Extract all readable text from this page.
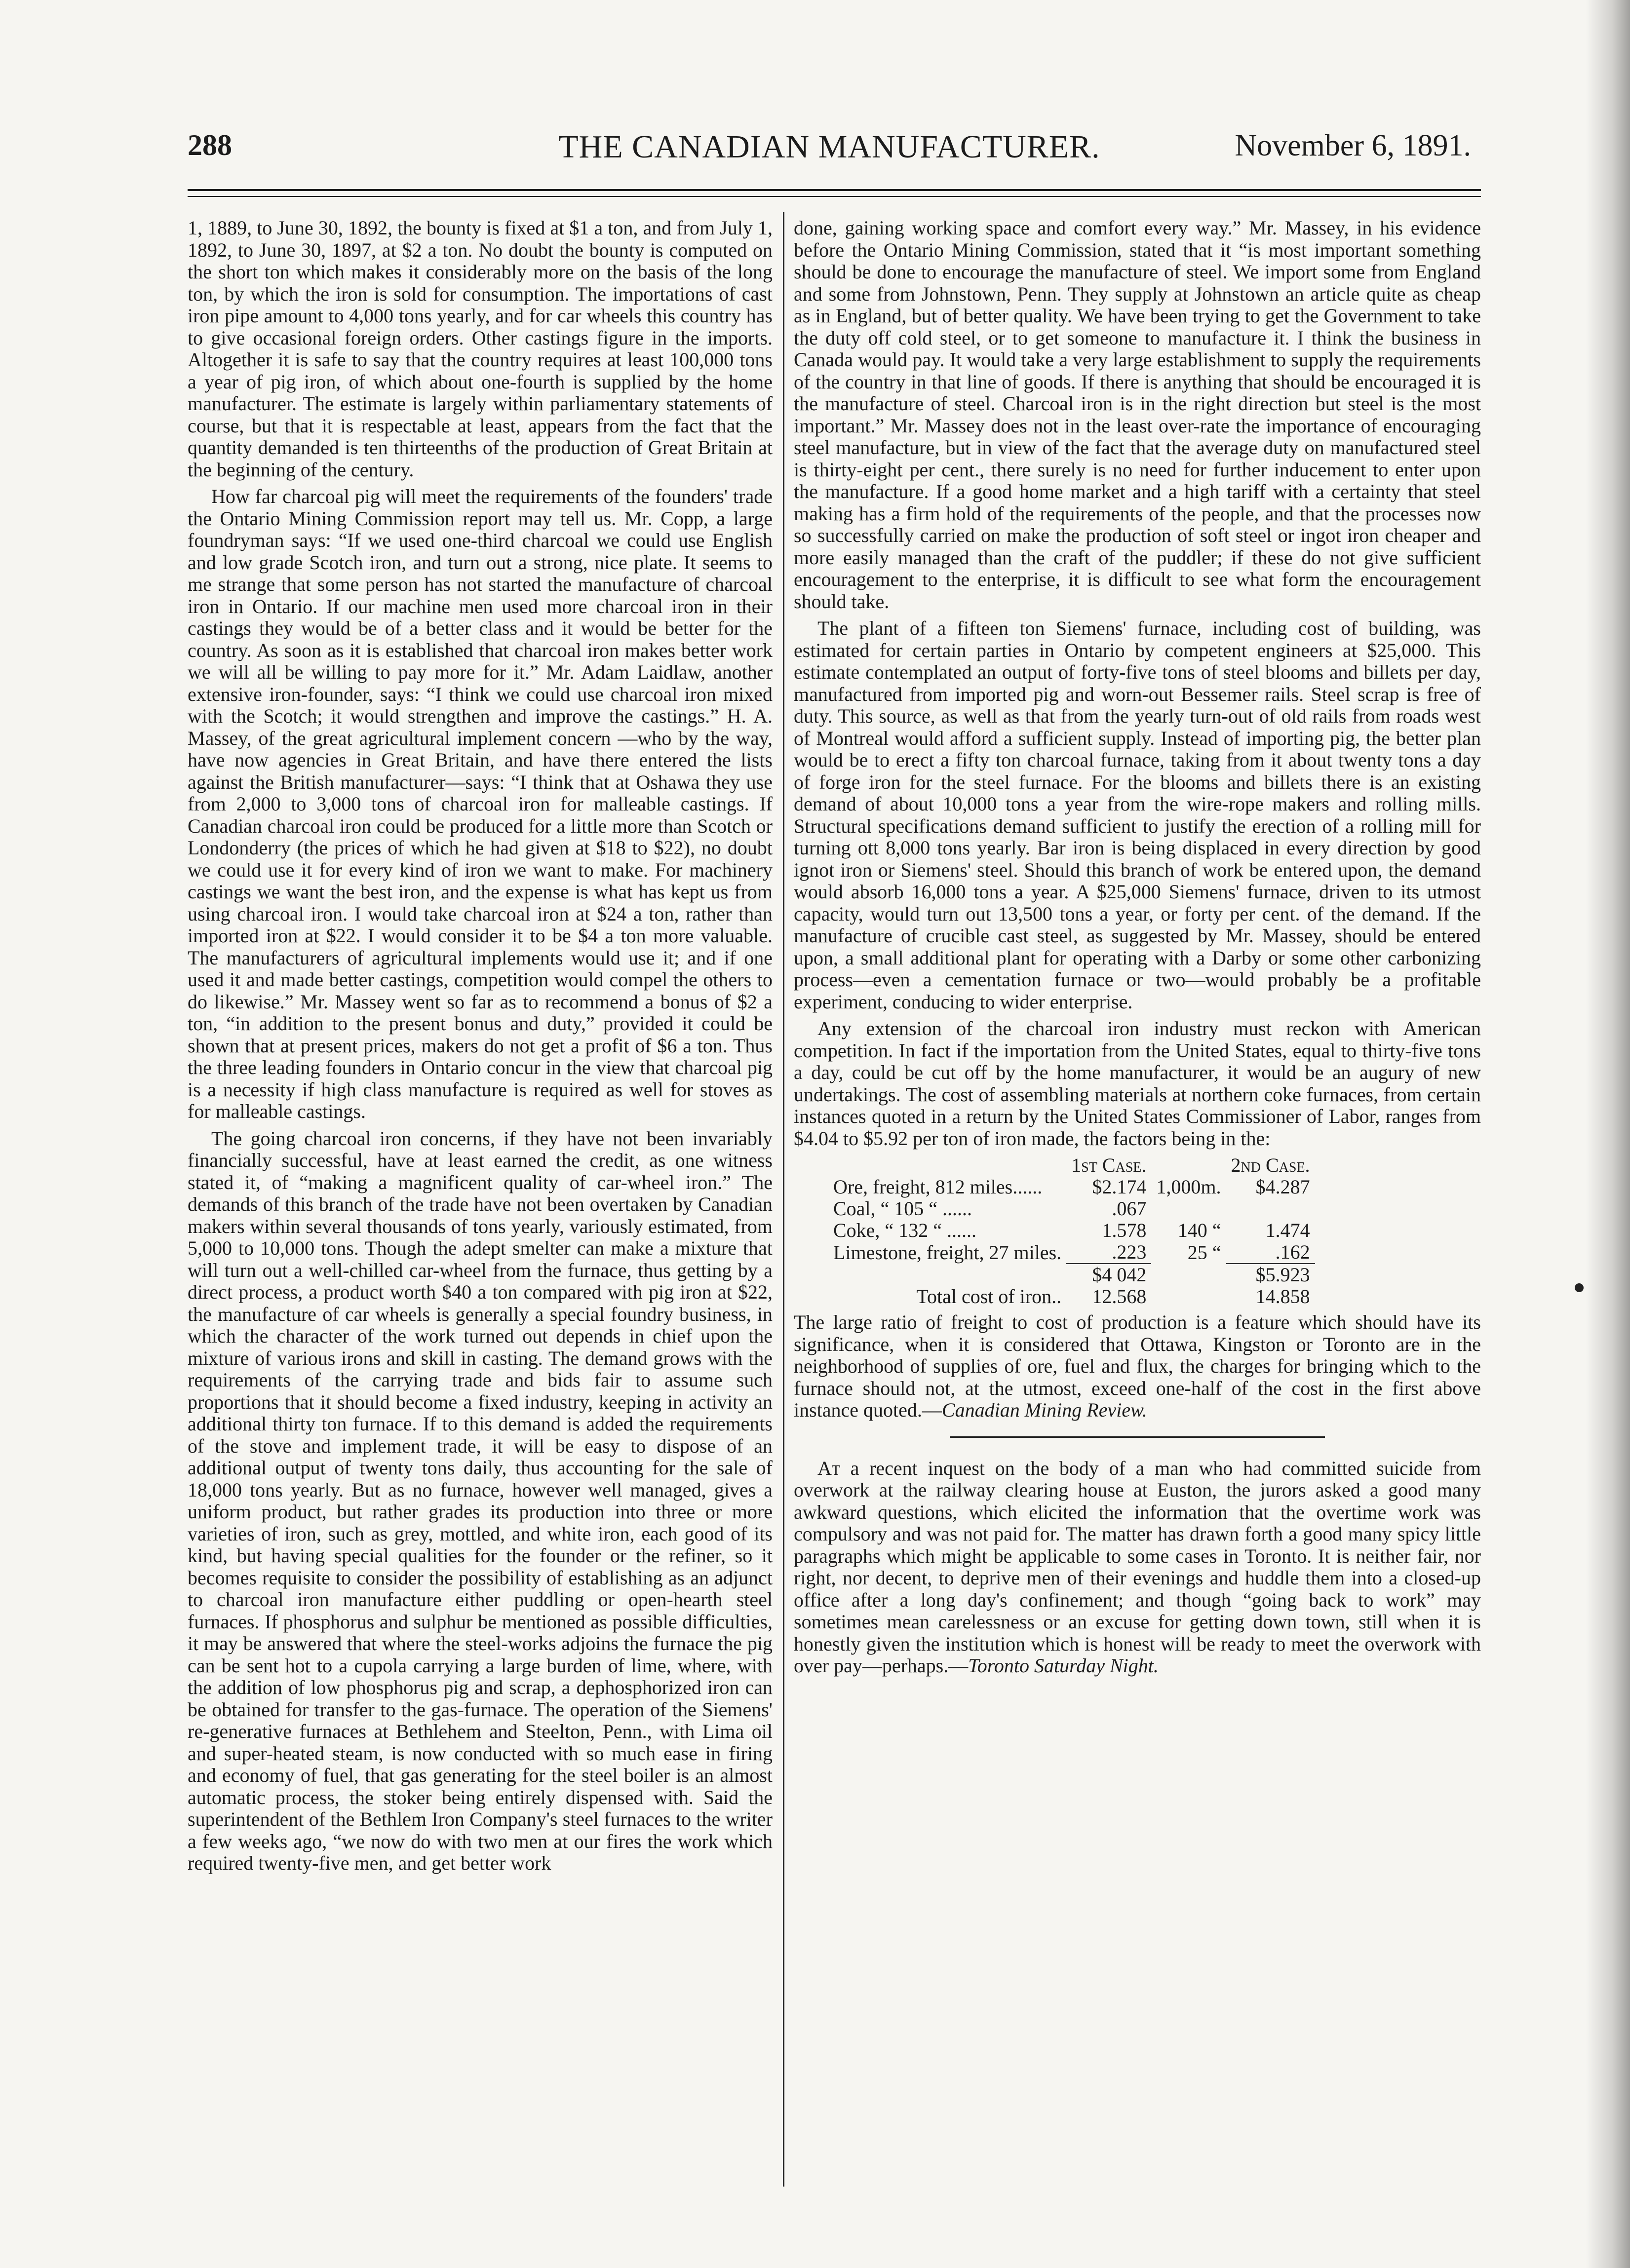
288	THE CANADIAN MANUFACTURER.	November 6, 1891.

1, 1889, to June 30, 1892, the bounty is fixed at $1 a ton, and from July 1, 1892, to June 30, 1897, at $2 a ton. No doubt the bounty is computed on the short ton which makes it considerably more on the basis of the long ton, by which the iron is sold for consumption. The importations of cast iron pipe amount to 4,000 tons yearly, and for car wheels this country has to give occasional foreign orders. Other castings figure in the imports. Altogether it is safe to say that the country requires at least 100,000 tons a year of pig iron, of which about one-fourth is supplied by the home manufacturer. The estimate is largely within parliamentary statements of course, but that it is respectable at least, appears from the fact that the quantity demanded is ten thirteenths of the production of Great Britain at the beginning of the century.

How far charcoal pig will meet the requirements of the founders' trade the Ontario Mining Commission report may tell us. Mr. Copp, a large foundryman says: “If we used one-third charcoal we could use English and low grade Scotch iron, and turn out a strong, nice plate. It seems to me strange that some person has not started the manufacture of charcoal iron in Ontario. If our machine men used more charcoal iron in their castings they would be of a better class and it would be better for the country. As soon as it is established that charcoal iron makes better work we will all be willing to pay more for it.” Mr. Adam Laidlaw, another extensive iron-founder, says: “I think we could use charcoal iron mixed with the Scotch; it would strengthen and improve the castings.” H. A. Massey, of the great agricultural implement concern —who by the way, have now agencies in Great Britain, and have there entered the lists against the British manufacturer—says: “I think that at Oshawa they use from 2,000 to 3,000 tons of charcoal iron for malleable castings. If Canadian charcoal iron could be produced for a little more than Scotch or Londonderry (the prices of which he had given at $18 to $22), no doubt we could use it for every kind of iron we want to make. For machinery castings we want the best iron, and the expense is what has kept us from using charcoal iron. I would take charcoal iron at $24 a ton, rather than imported iron at $22. I would consider it to be $4 a ton more valuable. The manufacturers of agricultural implements would use it; and if one used it and made better castings, competition would compel the others to do likewise.” Mr. Massey went so far as to recommend a bonus of $2 a ton, “in addition to the present bonus and duty,” provided it could be shown that at present prices, makers do not get a profit of $6 a ton. Thus the three leading founders in Ontario concur in the view that charcoal pig is a necessity if high class manufacture is required as well for stoves as for malleable castings.

The going charcoal iron concerns, if they have not been invariably financially successful, have at least earned the credit, as one witness stated it, of “making a magnificent quality of car-wheel iron.” The demands of this branch of the trade have not been overtaken by Canadian makers within several thousands of tons yearly, variously estimated, from 5,000 to 10,000 tons. Though the adept smelter can make a mixture that will turn out a well-chilled car-wheel from the furnace, thus getting by a direct process, a product worth $40 a ton compared with pig iron at $22, the manufacture of car wheels is generally a special foundry business, in which the character of the work turned out depends in chief upon the mixture of various irons and skill in casting. The demand grows with the requirements of the carrying trade and bids fair to assume such proportions that it should become a fixed industry, keeping in activity an additional thirty ton furnace. If to this demand is added the requirements of the stove and implement trade, it will be easy to dispose of an additional output of twenty tons daily, thus accounting for the sale of 18,000 tons yearly. But as no furnace, however well managed, gives a uniform product, but rather grades its production into three or more varieties of iron, such as grey, mottled, and white iron, each good of its kind, but having special qualities for the founder or the refiner, so it becomes requisite to consider the possibility of establishing as an adjunct to charcoal iron manufacture either puddling or open-hearth steel furnaces. If phosphorus and sulphur be mentioned as possible difficulties, it may be answered that where the steel-works adjoins the furnace the pig can be sent hot to a cupola carrying a large burden of lime, where, with the addition of low phosphorus pig and scrap, a dephosphorized iron can be obtained for transfer to the gas-furnace. The operation of the Siemens' re-generative furnaces at Bethlehem and Steelton, Penn., with Lima oil and super-heated steam, is now conducted with so much ease in firing and economy of fuel, that gas generating for the steel boiler is an almost automatic process, the stoker being entirely dispensed with. Said the superintendent of the Bethlem Iron Company's steel furnaces to the writer a few weeks ago, “we now do with two men at our fires the work which required twenty-five men, and get better work

done, gaining working space and comfort every way.” Mr. Massey, in his evidence before the Ontario Mining Commission, stated that it “is most important something should be done to encourage the manufacture of steel. We import some from England and some from Johnstown, Penn. They supply at Johnstown an article quite as cheap as in England, but of better quality. We have been trying to get the Government to take the duty off cold steel, or to get someone to manufacture it. I think the business in Canada would pay. It would take a very large establishment to supply the requirements of the country in that line of goods. If there is anything that should be encouraged it is the manufacture of steel. Charcoal iron is in the right direction but steel is the most important.” Mr. Massey does not in the least over-rate the importance of encouraging steel manufacture, but in view of the fact that the average duty on manufactured steel is thirty-eight per cent., there surely is no need for further inducement to enter upon the manufacture. If a good home market and a high tariff with a certainty that steel making has a firm hold of the requirements of the people, and that the processes now so successfully carried on make the production of soft steel or ingot iron cheaper and more easily managed than the craft of the puddler; if these do not give sufficient encouragement to the enterprise, it is difficult to see what form the encouragement should take.

The plant of a fifteen ton Siemens' furnace, including cost of building, was estimated for certain parties in Ontario by competent engineers at $25,000. This estimate contemplated an output of forty-five tons of steel blooms and billets per day, manufactured from imported pig and worn-out Bessemer rails. Steel scrap is free of duty. This source, as well as that from the yearly turn-out of old rails from roads west of Montreal would afford a sufficient supply. Instead of importing pig, the better plan would be to erect a fifty ton charcoal furnace, taking from it about twenty tons a day of forge iron for the steel furnace. For the blooms and billets there is an existing demand of about 10,000 tons a year from the wire-rope makers and rolling mills. Structural specifications demand sufficient to justify the erection of a rolling mill for turning ott 8,000 tons yearly. Bar iron is being displaced in every direction by good ignot iron or Siemens' steel. Should this branch of work be entered upon, the demand would absorb 16,000 tons a year. A $25,000 Siemens' furnace, driven to its utmost capacity, would turn out 13,500 tons a year, or forty per cent. of the demand. If the manufacture of crucible cast steel, as suggested by Mr. Massey, should be entered upon, a small additional plant for operating with a Darby or some other carbonizing process—even a cementation furnace or two—would probably be a profitable experiment, conducing to wider enterprise.

Any extension of the charcoal iron industry must reckon with American competition. In fact if the importation from the United States, equal to thirty-five tons a day, could be cut off by the home manufacturer, it would be an augury of new undertakings. The cost of assembling materials at northern coke furnaces, from certain instances quoted in a return by the United States Commissioner of Labor, ranges from $4.04 to $5.92 per ton of iron made, the factors being in the:

	1st Case.		2nd Case.
Ore, freight, 812 miles......	$2.174	1,000m.	$4.287
Coal, “ 105 “ ......	.067		
Coke, “ 132 “ ......	1.578	140 “	1.474
Limestone, freight, 27 miles.	.223	25 “	.162
	$4 042		$5.923
Total cost of iron..	12.568		14.858

The large ratio of freight to cost of production is a feature which should have its significance, when it is considered that Ottawa, Kingston or Toronto are in the neighborhood of supplies of ore, fuel and flux, the charges for bringing which to the furnace should not, at the utmost, exceed one-half of the cost in the first above instance quoted.—Canadian Mining Review.

At a recent inquest on the body of a man who had committed suicide from overwork at the railway clearing house at Euston, the jurors asked a good many awkward questions, which elicited the information that the overtime work was compulsory and was not paid for. The matter has drawn forth a good many spicy little paragraphs which might be applicable to some cases in Toronto. It is neither fair, nor right, nor decent, to deprive men of their evenings and huddle them into a closed-up office after a long day's confinement; and though “going back to work” may sometimes mean carelessness or an excuse for getting down town, still when it is honestly given the institution which is honest will be ready to meet the overwork with over pay—perhaps.—Toronto Saturday Night.
